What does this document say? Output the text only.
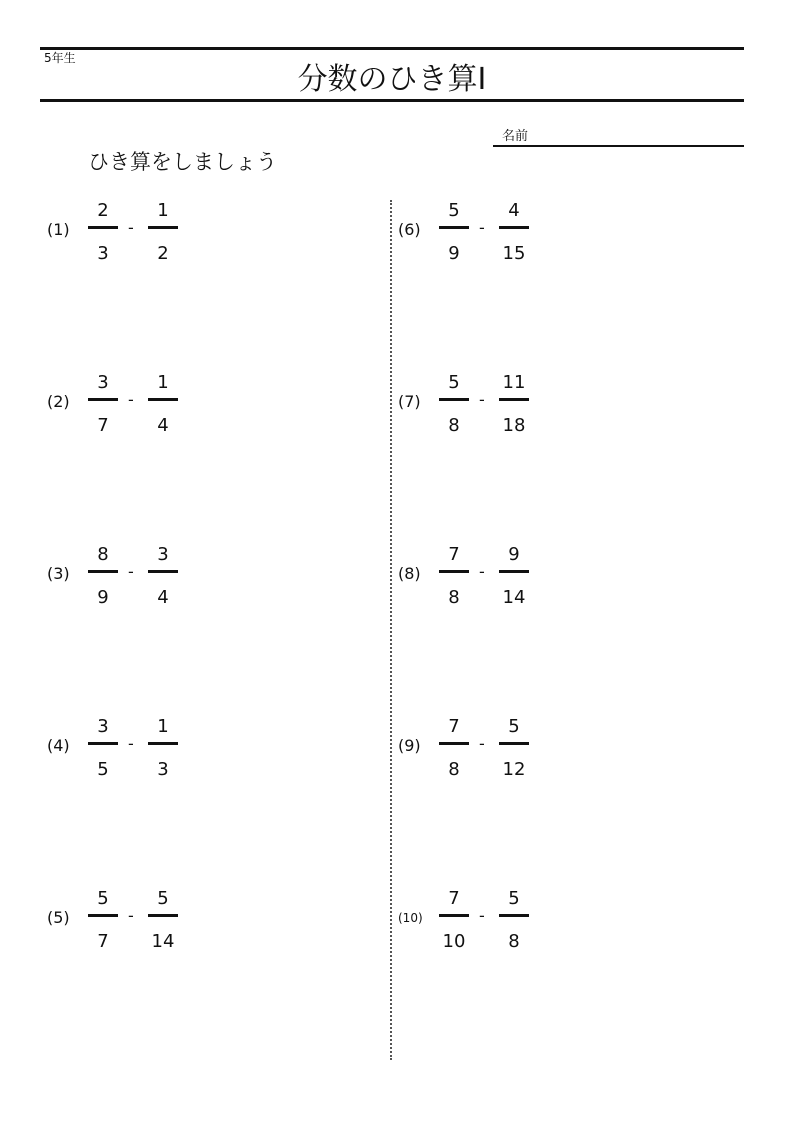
5年生
分数のひき算Ⅰ
名前
ひき算をしましょう
(1)
2
3
-
1
2
(2)
3
7
-
1
4
(3)
8
9
-
3
4
(4)
3
5
-
1
3
(5)
5
7
-
5
14
(6)
5
9
-
4
15
(7)
5
8
-
11
18
(8)
7
8
-
9
14
(9)
7
8
-
5
12
(10)
7
10
-
5
8
